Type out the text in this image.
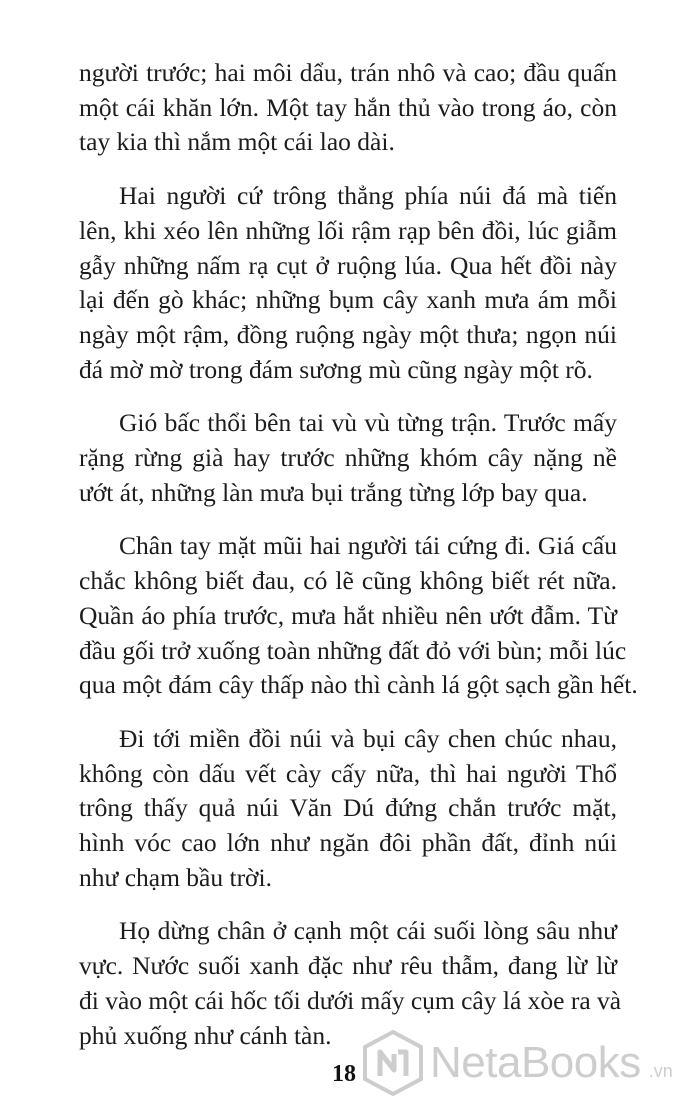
người trước; hai môi dẩu, trán nhô và cao; đầu quấn
một cái khăn lớn. Một tay hắn thủ vào trong áo, còn
tay kia thì nắm một cái lao dài.
Hai người cứ trông thẳng phía núi đá mà tiến
lên, khi xéo lên những lối rậm rạp bên đồi, lúc giẫm
gẫy những nấm rạ cụt ở ruộng lúa. Qua hết đồi này
lại đến gò khác; những bụm cây xanh mưa ám mỗi
ngày một rậm, đồng ruộng ngày một thưa; ngọn núi
đá mờ mờ trong đám sương mù cũng ngày một rõ.
Gió bấc thổi bên tai vù vù từng trận. Trước mấy
rặng rừng già hay trước những khóm cây nặng nề
ướt át, những làn mưa bụi trắng từng lớp bay qua.
Chân tay mặt mũi hai người tái cứng đi. Giá cấu
chắc không biết đau, có lẽ cũng không biết rét nữa.
Quần áo phía trước, mưa hắt nhiều nên ướt đẫm. Từ
đầu gối trở xuống toàn những đất đỏ với bùn; mỗi lúc
qua một đám cây thấp nào thì cành lá gột sạch gần hết.
Đi tới miền đồi núi và bụi cây chen chúc nhau,
không còn dấu vết cày cấy nữa, thì hai người Thổ
trông thấy quả núi Văn Dú đứng chắn trước mặt,
hình vóc cao lớn như ngăn đôi phần đất, đỉnh núi
như chạm bầu trời.
Họ dừng chân ở cạnh một cái suối lòng sâu như
vực. Nước suối xanh đặc như rêu thẫm, đang lừ lừ
đi vào một cái hốc tối dưới mấy cụm cây lá xòe ra và
phủ xuống như cánh tàn.
18 NetaBooks .vn
